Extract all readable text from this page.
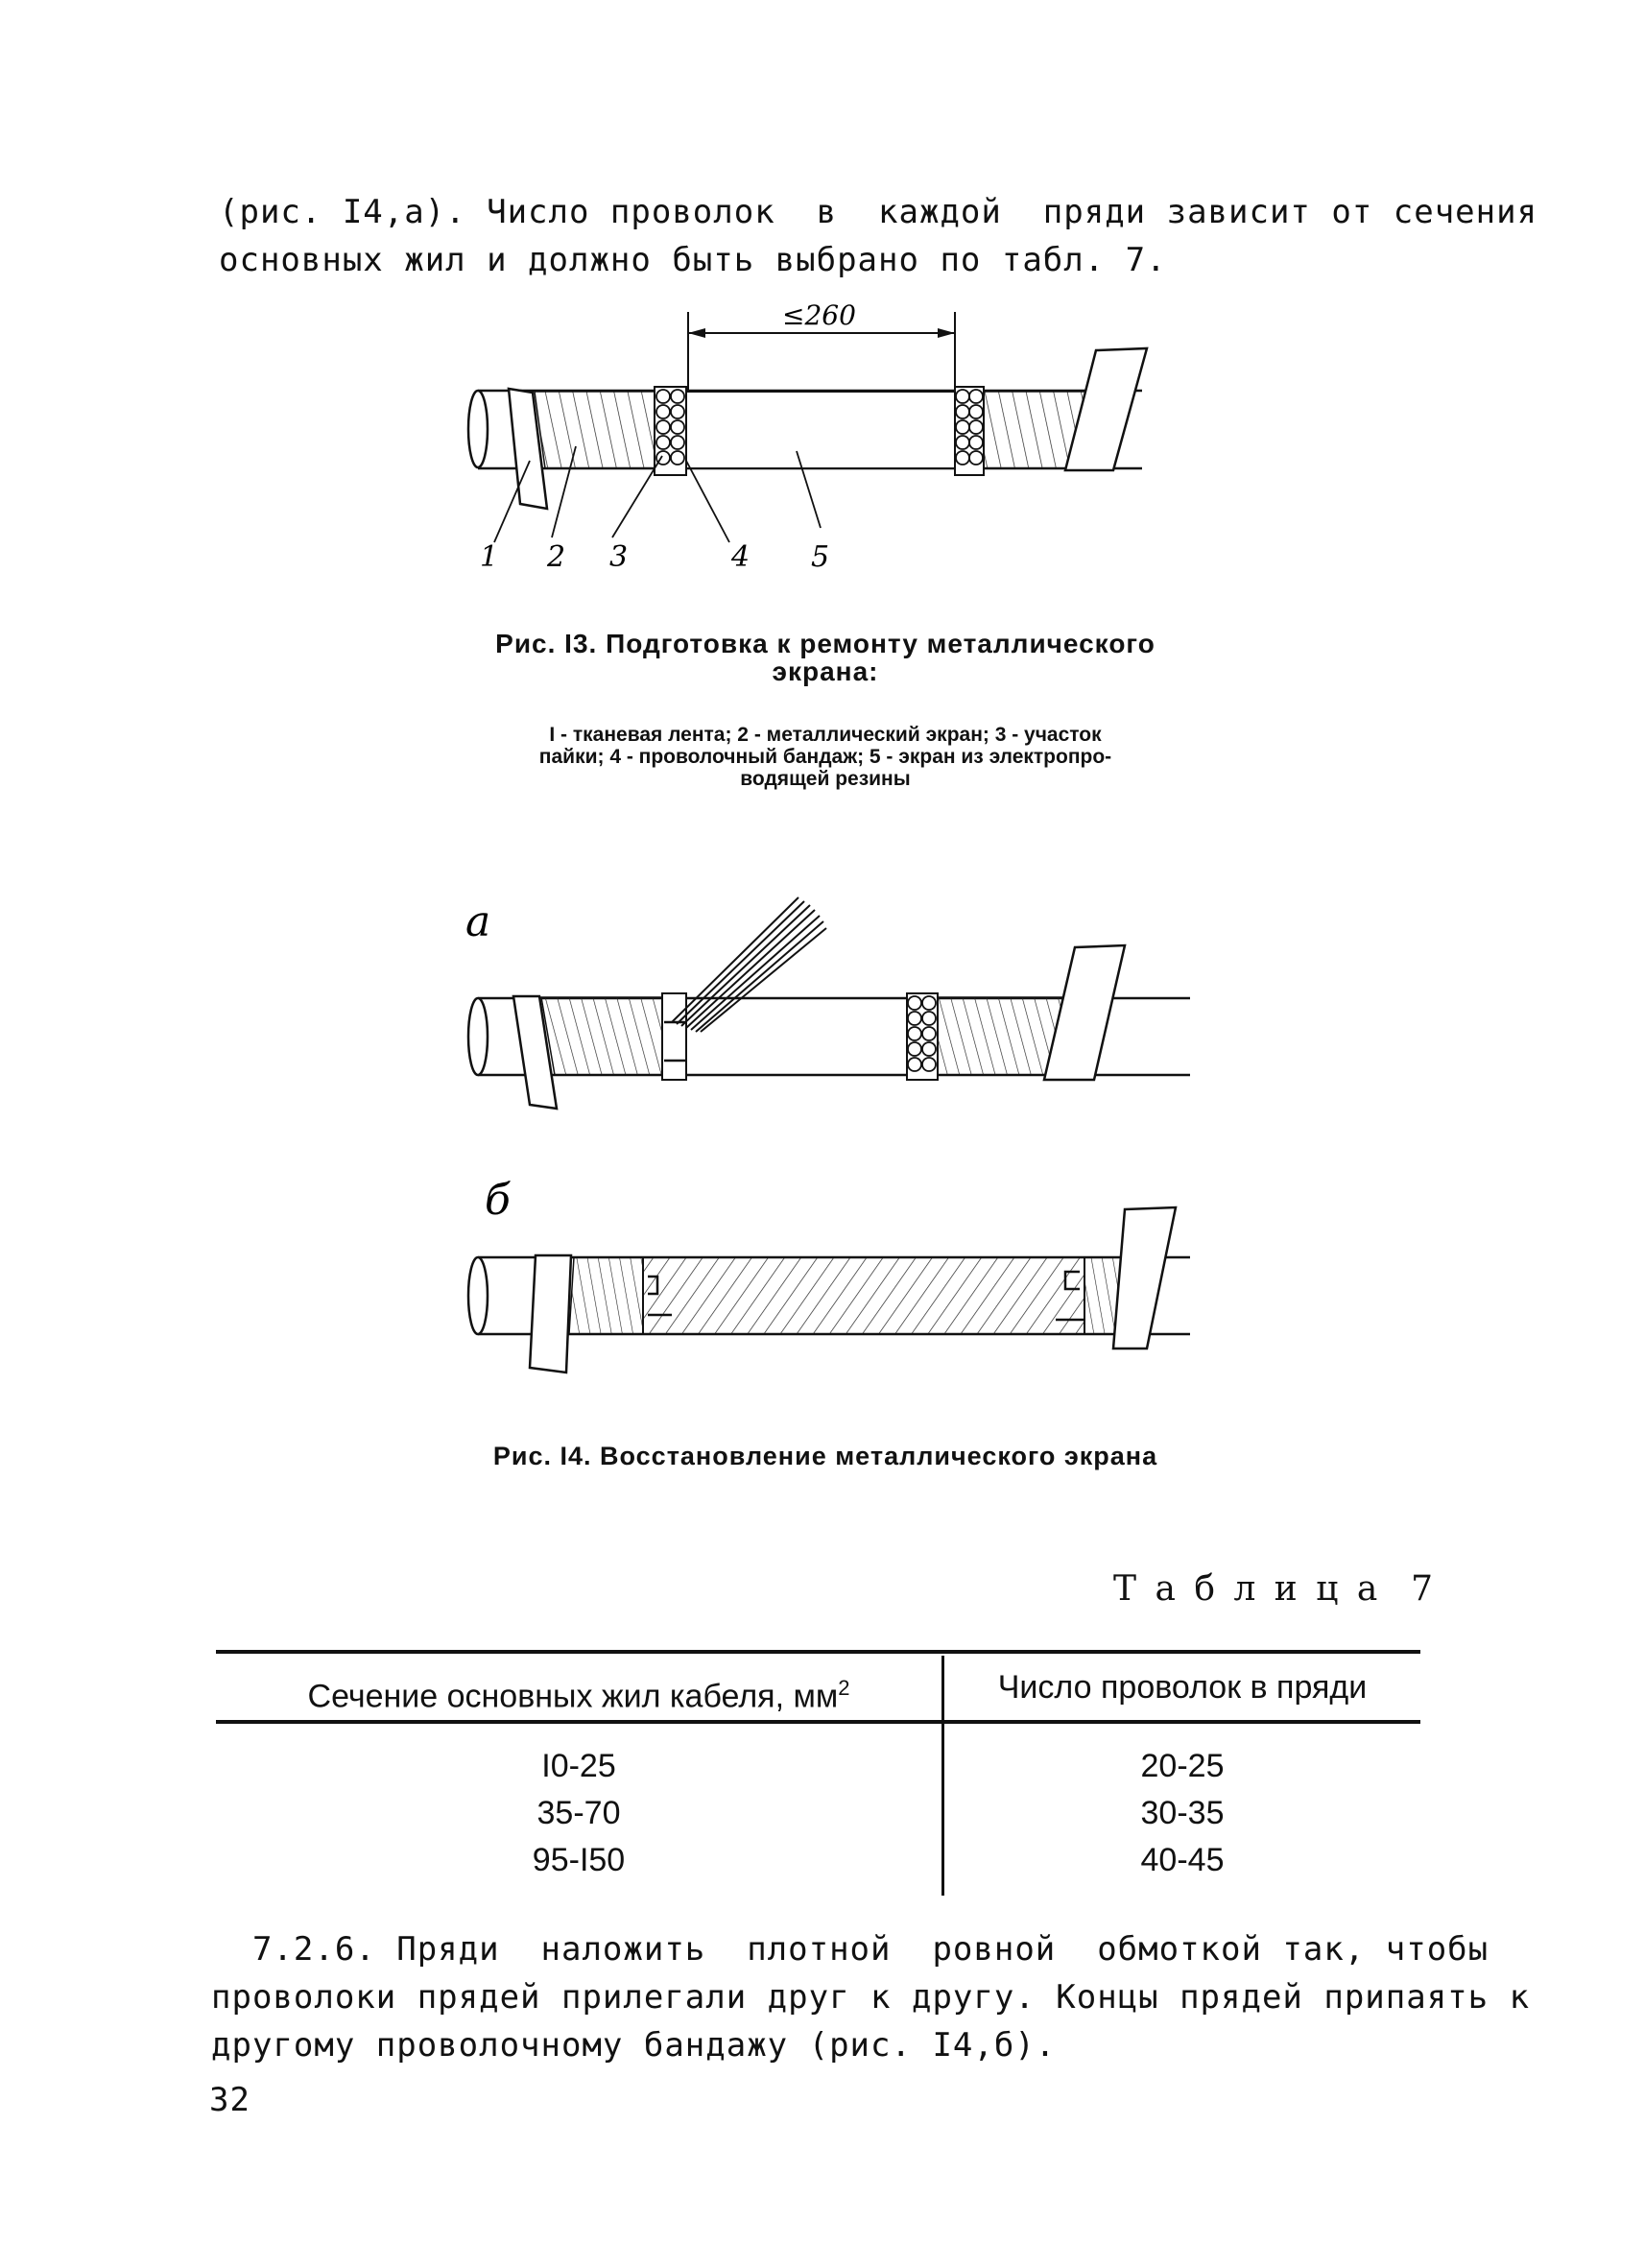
(рис. I4,а). Число проволок  в  каждой  пряди зависит от сечения
основных жил и должно быть выбрано по табл. 7.
≤260
1 2 3	4 5
Рис. I3. Подготовка к ремонту металлического
экрана:
I - тканевая лента; 2 - металлический экран; 3 - участок
пайки; 4 - проволочный бандаж; 5 - экран из электропро-
водящей резины
а
б
Рис. I4. Восстановление металлического экрана
Т а б л и ц а  7
Сечение основных жил кабеля, $мм^2$	Число проволок в пряди
I0-25	20-25
35-70	30-35
95-I50	40-45
7.2.6. Пряди  наложить  плотной  ровной  обмоткой так, чтобы
проволоки прядей прилегали друг к другу. Концы прядей припаять к
другому проволочному бандажу (рис. I4,б).
32
